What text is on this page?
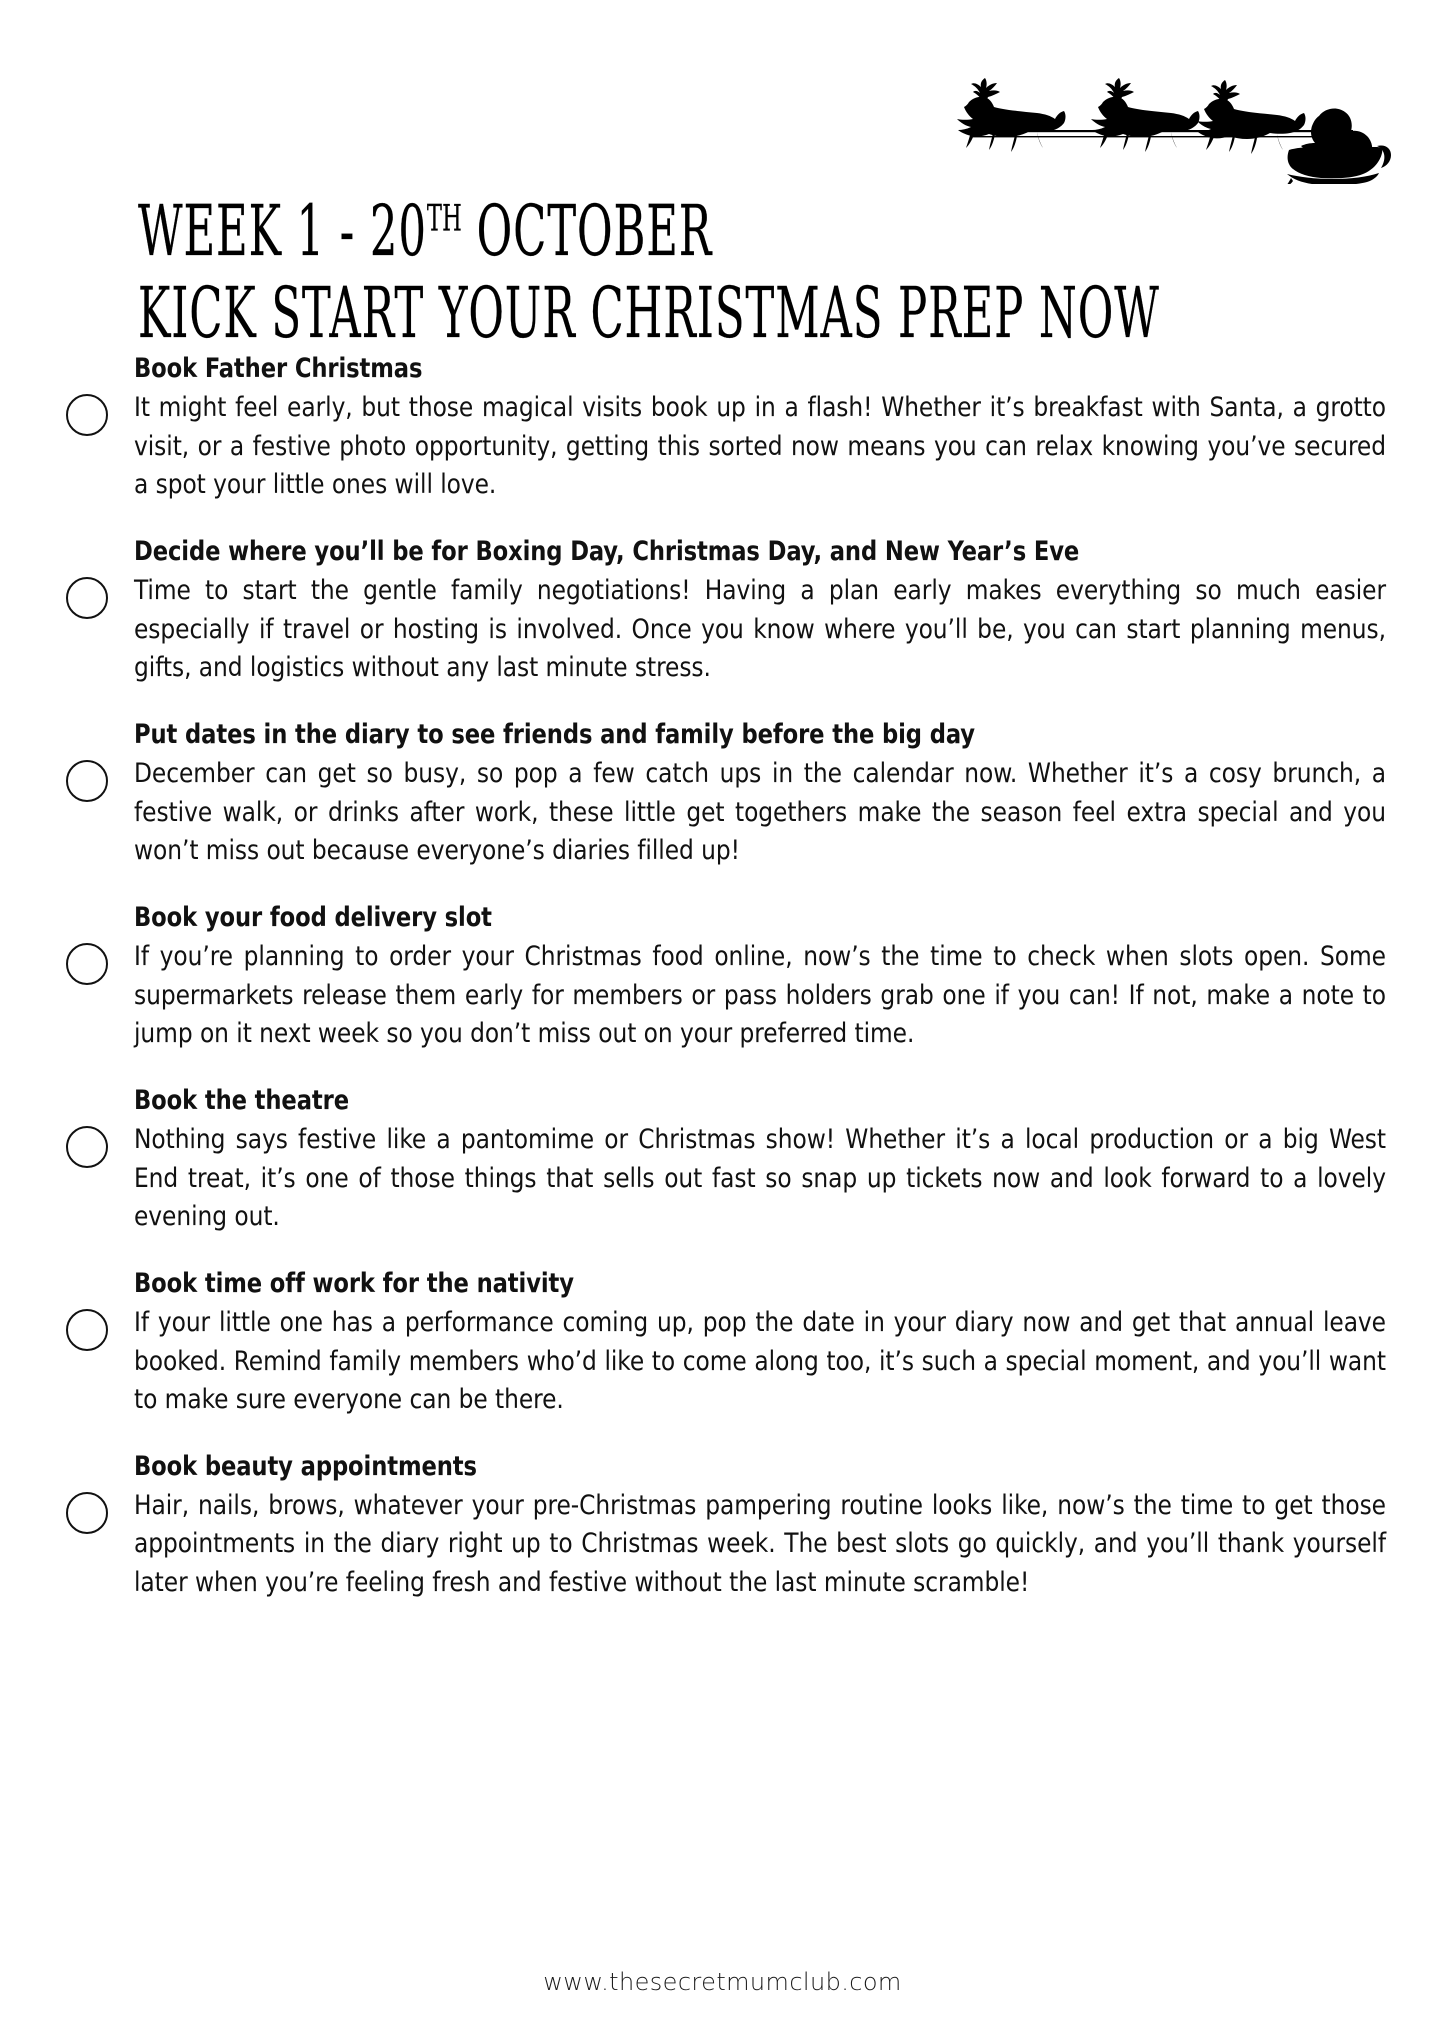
WEEK 1 - 20TH OCTOBER
KICK START YOUR CHRISTMAS PREP NOW

Book Father Christmas

It might feel early, but those magical visits book up in a flash! Whether it’s breakfast with Santa, a grotto visit, or a festive photo opportunity, getting this sorted now means you can relax knowing you’ve secured a spot your little ones will love.

Decide where you’ll be for Boxing Day, Christmas Day, and New Year’s Eve

Time to start the gentle family negotiations! Having a plan early makes everything so much easier especially if travel or hosting is involved. Once you know where you’ll be, you can start planning menus, gifts, and logistics without any last minute stress.

Put dates in the diary to see friends and family before the big day

December can get so busy, so pop a few catch ups in the calendar now. Whether it’s a cosy brunch, a festive walk, or drinks after work, these little get togethers make the season feel extra special and you won’t miss out because everyone’s diaries filled up!

Book your food delivery slot

If you’re planning to order your Christmas food online, now’s the time to check when slots open. Some supermarkets release them early for members or pass holders grab one if you can! If not, make a note to jump on it next week so you don’t miss out on your preferred time.

Book the theatre

Nothing says festive like a pantomime or Christmas show! Whether it’s a local production or a big West End treat, it’s one of those things that sells out fast so snap up tickets now and look forward to a lovely evening out.

Book time off work for the nativity

If your little one has a performance coming up, pop the date in your diary now and get that annual leave booked. Remind family members who’d like to come along too, it’s such a special moment, and you’ll want to make sure everyone can be there.

Book beauty appointments

Hair, nails, brows, whatever your pre-Christmas pampering routine looks like, now’s the time to get those appointments in the diary right up to Christmas week. The best slots go quickly, and you’ll thank yourself later when you’re feeling fresh and festive without the last minute scramble!

www.thesecretmumclub.com
